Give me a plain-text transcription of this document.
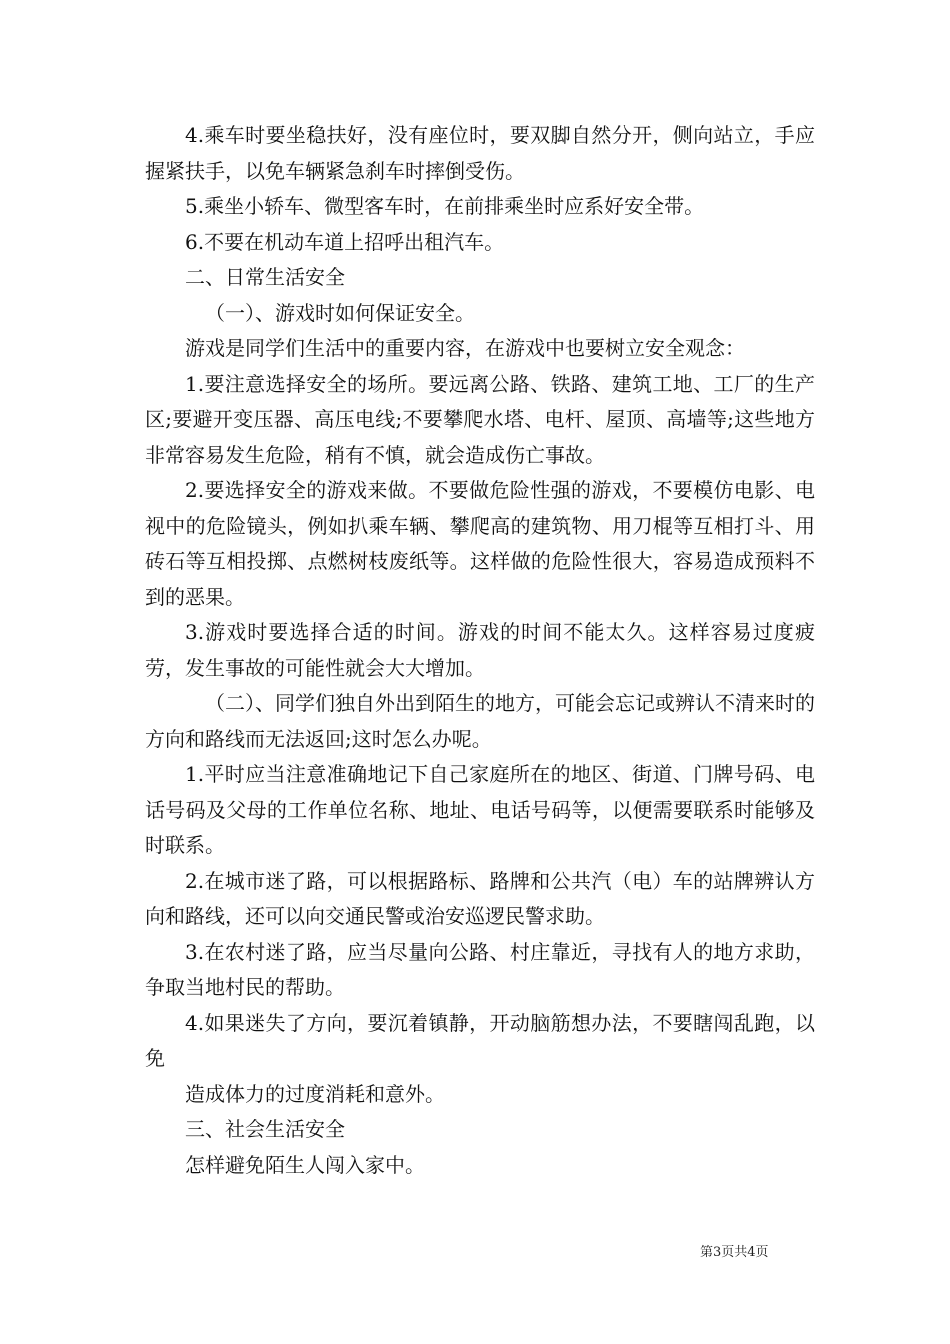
4.乘车时要坐稳扶好，没有座位时，要双脚自然分开，侧向站立，手应握紧扶手，以免车辆紧急刹车时摔倒受伤。

5.乘坐小轿车、微型客车时，在前排乘坐时应系好安全带。

6.不要在机动车道上招呼出租汽车。

二、日常生活安全

（一）、游戏时如何保证安全。

游戏是同学们生活中的重要内容，在游戏中也要树立安全观念：

1.要注意选择安全的场所。要远离公路、铁路、建筑工地、工厂的生产区;要避开变压器、高压电线;不要攀爬水塔、电杆、屋顶、高墙等;这些地方非常容易发生危险，稍有不慎，就会造成伤亡事故。

2.要选择安全的游戏来做。不要做危险性强的游戏，不要模仿电影、电视中的危险镜头，例如扒乘车辆、攀爬高的建筑物、用刀棍等互相打斗、用砖石等互相投掷、点燃树枝废纸等。这样做的危险性很大，容易造成预料不到的恶果。

3.游戏时要选择合适的时间。游戏的时间不能太久。这样容易过度疲劳，发生事故的可能性就会大大增加。

（二）、同学们独自外出到陌生的地方，可能会忘记或辨认不清来时的方向和路线而无法返回;这时怎么办呢。

1.平时应当注意准确地记下自己家庭所在的地区、街道、门牌号码、电话号码及父母的工作单位名称、地址、电话号码等，以便需要联系时能够及时联系。

2.在城市迷了路，可以根据路标、路牌和公共汽（电）车的站牌辨认方向和路线，还可以向交通民警或治安巡逻民警求助。

3.在农村迷了路，应当尽量向公路、村庄靠近，寻找有人的地方求助，争取当地村民的帮助。

4.如果迷失了方向，要沉着镇静，开动脑筋想办法，不要瞎闯乱跑，以免

造成体力的过度消耗和意外。

三、社会生活安全

怎样避免陌生人闯入家中。

第3页共4页
